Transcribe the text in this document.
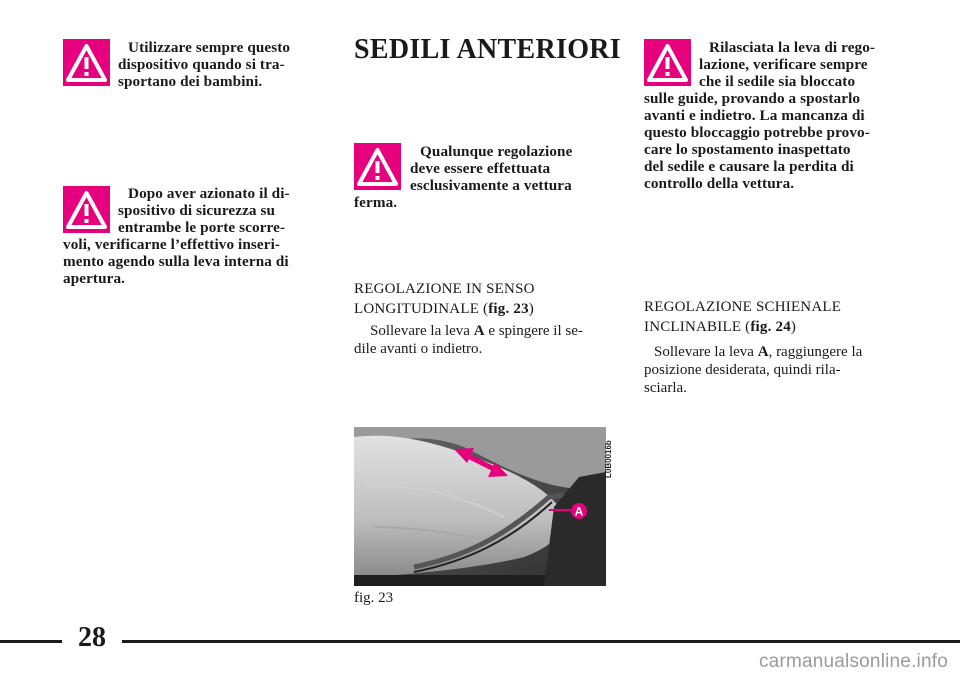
Utilizzare sempre questo
dispositivo quando si tra-
sportano dei bambini.
Dopo aver azionato il di-
spositivo di sicurezza su
entrambe le porte scorre-
voli, verificarne l’effettivo inseri-
mento agendo sulla leva interna di
apertura.
SEDILI ANTERIORI
Qualunque regolazione
deve essere effettuata
esclusivamente a vettura
ferma.
REGOLAZIONE IN SENSO
LONGITUDINALE (fig. 23)
Sollevare la leva A e spingere il se-
dile avanti o indietro.
A
L0B0016b
fig. 23
Rilasciata la leva di rego-
lazione, verificare sempre
che il sedile sia bloccato
sulle guide, provando a spostarlo
avanti e indietro. La mancanza di
questo bloccaggio potrebbe provo-
care lo spostamento inaspettato
del sedile e causare la perdita di
controllo della vettura.
REGOLAZIONE SCHIENALE
INCLINABILE (fig. 24)
Sollevare la leva A, raggiungere la
posizione desiderata, quindi rila-
sciarla.
28
carmanualsonline.info
